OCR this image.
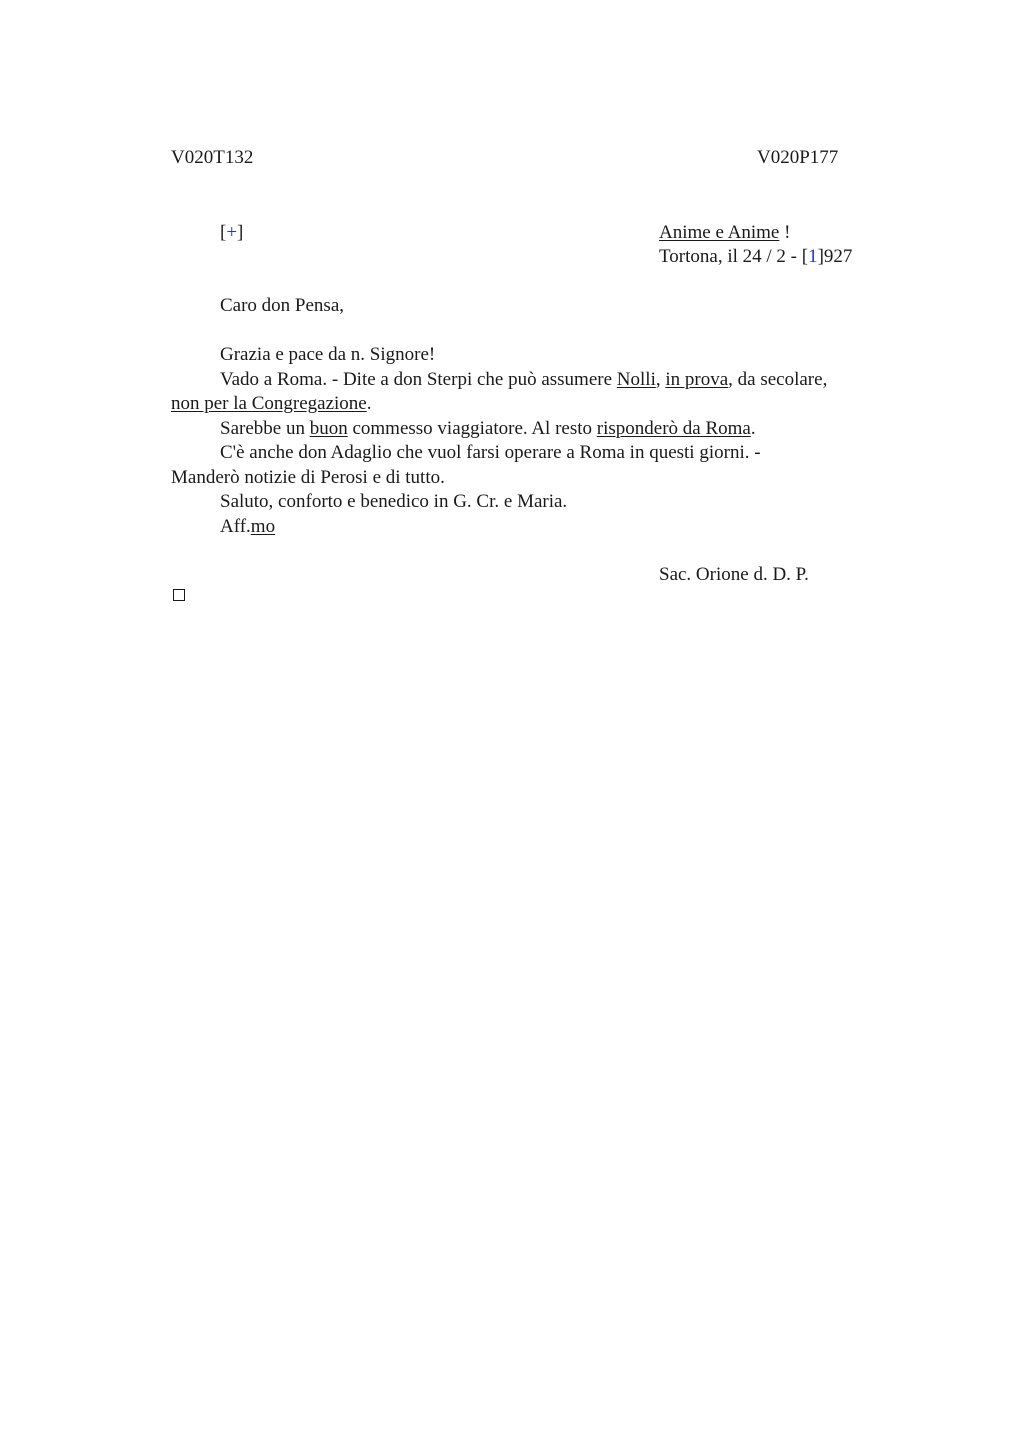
V020T132	V020P177
[+]	Anime e Anime !
Tortona, il 24 / 2 - [1]927
Caro don Pensa,

Grazia e pace da n. Signore!

Vado a Roma. - Dite a don Sterpi che può assumere Nolli, in prova, da secolare,
non per la Congregazione.

Sarebbe un buon commesso viaggiatore. Al resto risponderò da Roma.

C'è anche don Adaglio che vuol farsi operare a Roma in questi giorni. -
Manderò notizie di Perosi e di tutto.

Saluto, conforto e benedico in G. Cr. e Maria.

Aff.mo

Sac. Orione d. D. P.
